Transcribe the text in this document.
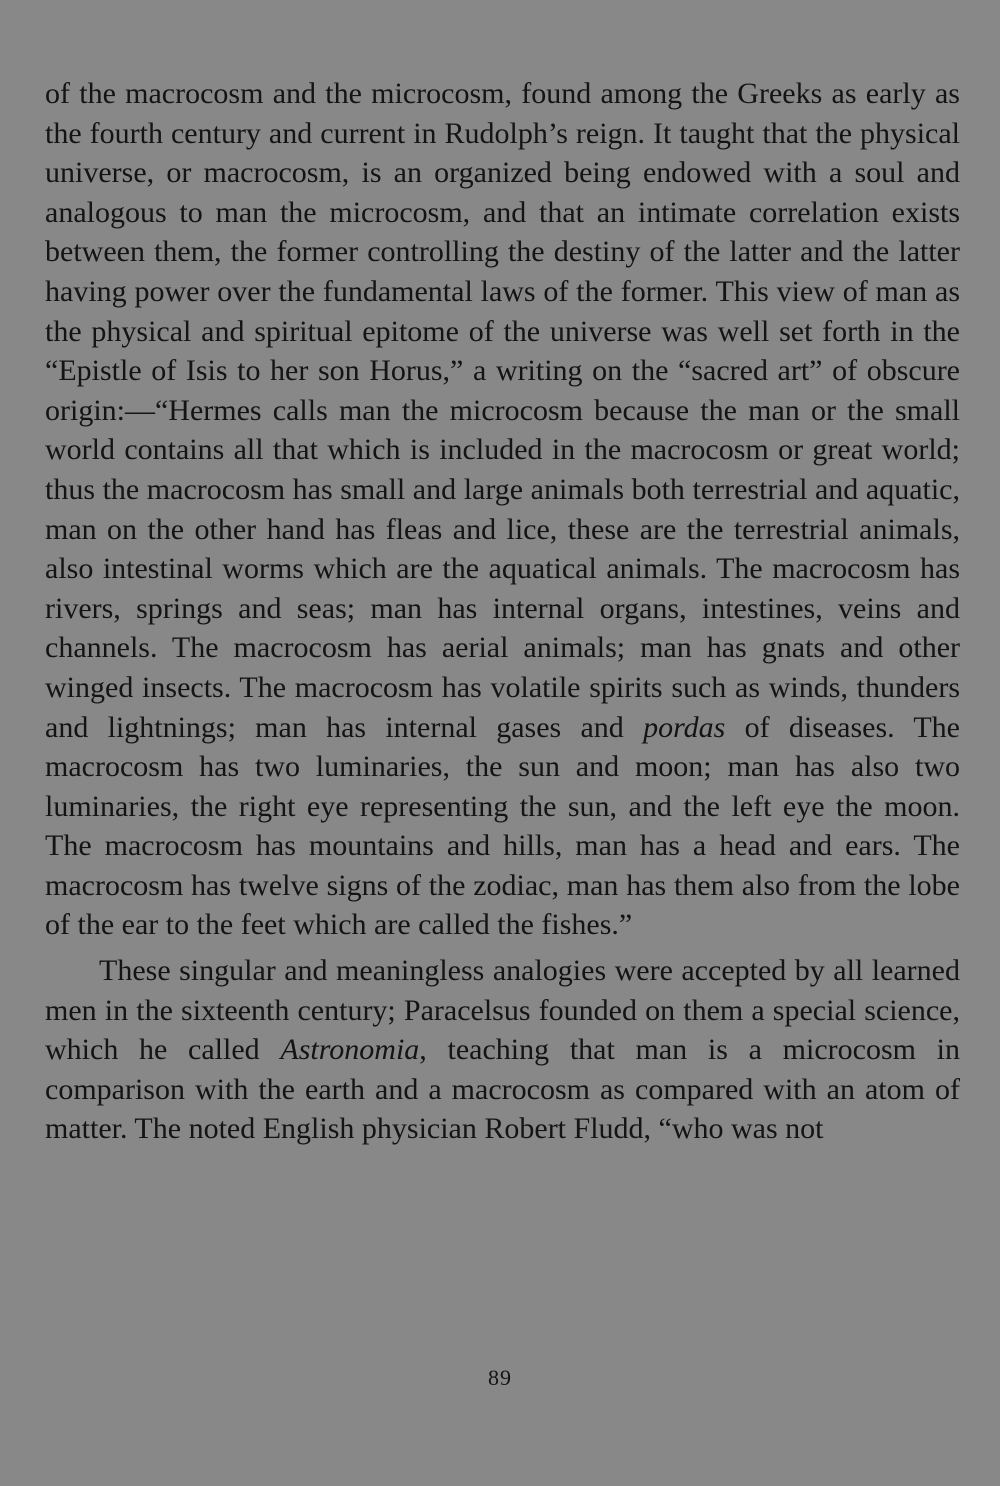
of the macrocosm and the microcosm, found among the Greeks as early as the fourth century and current in Rudolph’s reign. It taught that the physical universe, or macrocosm, is an organized being endowed with a soul and analogous to man the microcosm, and that an intimate correlation exists between them, the former controlling the destiny of the latter and the latter having power over the fundamental laws of the former. This view of man as the physical and spiritual epitome of the universe was well set forth in the “Epistle of Isis to her son Horus,” a writing on the “sacred art” of obscure origin:—“Hermes calls man the microcosm because the man or the small world contains all that which is included in the macrocosm or great world; thus the macrocosm has small and large animals both terrestrial and aquatic, man on the other hand has fleas and lice, these are the terrestrial animals, also intestinal worms which are the aquatical animals. The macrocosm has rivers, springs and seas; man has internal organs, intestines, veins and channels. The macrocosm has aerial animals; man has gnats and other winged insects. The macrocosm has volatile spirits such as winds, thunders and lightnings; man has internal gases and pordas of diseases. The macrocosm has two luminaries, the sun and moon; man has also two luminaries, the right eye representing the sun, and the left eye the moon. The macrocosm has mountains and hills, man has a head and ears. The macrocosm has twelve signs of the zodiac, man has them also from the lobe of the ear to the feet which are called the fishes.”

These singular and meaningless analogies were accepted by all learned men in the sixteenth century; Paracelsus founded on them a special science, which he called Astronomia, teaching that man is a microcosm in comparison with the earth and a macrocosm as compared with an atom of matter. The noted English physician Robert Fludd, “who was not

89
